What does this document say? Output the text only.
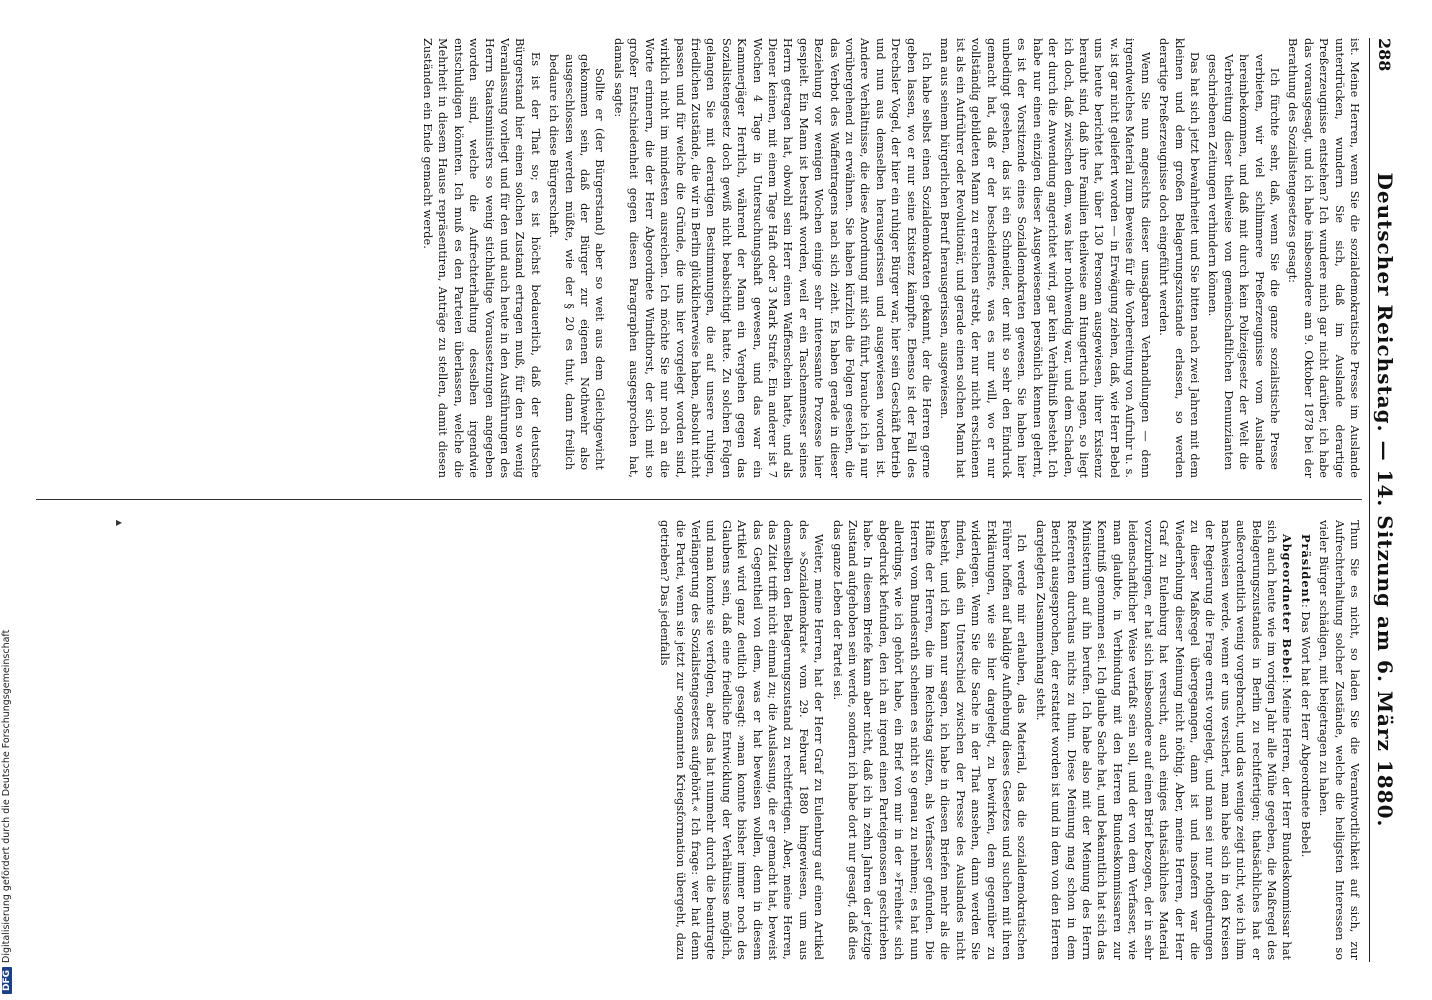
288
Deutscher Reichstag. — 14. Sitzung am 6. März 1880.

ist. Meine Herren, wenn Sie die sozialdemokratische Presse im Auslande unterdrücken, wundern Sie sich, daß im Auslande derartige Preßerzeugnisse entstehen? Ich wundere mich gar nicht darüber, ich habe das vorausgesagt, und ich habe insbesondere am 9. Oktober 1878 bei der Berathung des Sozialistengesetzes gesagt:

Ich fürchte sehr, daß, wenn Sie die ganze sozialistische Presse verbieten, wir viel schlimmere Preßerzeugnisse vom Auslande hereinbekommen, und daß mit durch kein Polizeigesetz der Welt die Verbreitung dieser theilweise von gemeinschaftlichen Denunzianten geschriebenen Zeitungen verhindern können.

Das hat sich jetzt bewahrheitet und Sie bitten nach zwei Jahren mit dem kleinen und dem großen Belagerungszustande erlassen, so werden derartige Preßerzeugnisse doch eingeführt werden.

Wenn Sie nun angesichts dieser unsagbaren Verhandlungen — denn irgendwelches Material zum Beweise für die Vorbereitung von Aufruhr u. s. w. ist gar nicht geliefert worden — in Erwägung ziehen, daß, wie Herr Bebel uns heute berichtet hat, über 130 Personen ausgewiesen, ihrer Existenz beraubt sind, daß ihre Familien theilweise am Hungertuch nagen, so liegt ich doch, daß zwischen dem, was hier nothwendig war, und dem Schaden, der durch die Anwendung angerichtet wird, gar kein Verhältniß besteht. Ich habe nur einen einzigen dieser Ausgewiesenen persönlich kennen gelernt, es ist der Vorsitzende eines Sozialdemokraten gewesen. Sie haben hier unbedingt gesehen, das ist ein Schneider, der mit so sehr den Eindruck gemacht hat, daß er der bescheidenste, was es nur will, wo er nur vollständig gebildeten Mann zu erreichen strebt, der nur nicht erschienen ist als ein Aufrührer oder Revolutionär, und gerade einen solchen Mann hat man aus seinem bürgerlichen Beruf herausgerissen, ausgewiesen.

Ich habe selbst einen Sozialdemokraten gekannt, der die Herren gerne geben lassen, wo er nur seine Existenz kämpfte. Ebenso ist der Fall des Drechsler Vogel, der hier ein ruhiger Bürger war, hier sein Geschäft betrieb und nun aus demselben herausgerissen und ausgewiesen worden ist. Andere Verhältnisse, die diese Anordnung mit sich führt, brauche ich ja nur vorübergehend zu erwähnen. Sie haben kürzlich die Folgen gesehen, die das Verbot des Waffentragens nach sich zieht. Es haben gerade in dieser Beziehung vor wenigen Wochen einige sehr interessante Prozesse hier gespielt. Ein Mann ist bestraft worden, weil er ein Taschenmesser seines Herrn getragen hat, obwohl sein Herr einen Waffenschein hatte, und als Diener keinen, mit einem Tage Haft oder 3 Mark Strafe. Ein anderer ist 7 Wochen 4 Tage in Untersuchungshaft gewesen, und das war ein Kammerjäger Herrlich, während der Mann ein Vergehen gegen das Sozialistengesetz doch gewiß nicht beabsichtigt hatte. Zu solchen Folgen gelangen Sie mit derartigen Bestimmungen, die auf unsere ruhigen, friedlichen Zustände, die wir in Berlin glücklicherweise haben, absolut nicht passen und für welche die Gründe, die uns hier vorgelegt worden sind, wirklich nicht im mindesten ausreichen. Ich möchte Sie nur noch an die Worte erinnern, die der Herr Abgeordnete Windthorst, der sich mit so großer Entschiedenheit gegen diesen Paragraphen ausgesprochen hat, damals sagte:

Sollte er (der Bürgerstand) aber so weit aus dem Gleichgewicht gekommen sein, daß der Bürger zur eigenen Nothwehr also ausgeschlossen werden müßte, wie der § 20 es thut, dann freilich bedaure ich diese Bürgerschaft.

Es ist der That so; es ist höchst bedauerlich, daß der deutsche Bürgerstand hier einen solchen Zustand ertragen muß, für den so wenig Veranlassung vorliegt und für den und auch heute in den Ausführungen des Herrn Staatsministers so wenig stichhaltige Voraussetzungen angegeben worden sind, welche die Aufrechterhaltung desselben irgendwie entschuldigen könnten. Ich muß es den Parteien überlassen, welche die Mehrheit in diesem Hause repräsentiren, Anträge zu stellen, damit diesen Zuständen ein Ende gemacht werde.

Thun Sie es nicht, so laden Sie die Verantwortlichkeit auf sich, zur Aufrechterhaltung solcher Zustände, welche die heiligsten Interessen so vieler Bürger schädigen, mit beigetragen zu haben.

Präsident: Das Wort hat der Herr Abgeordnete Bebel.

Abgeordneter Bebel: Meine Herren, der Herr Bundeskommissar hat sich auch heute wie im vorigen Jahr alle Mühe gegeben, die Maßregel des Belagerungszustandes in Berlin zu rechtfertigen; thatsächliches hat er außerordentlich wenig vorgebracht, und das wenige zeigt nicht, wie ich ihm nachweisen werde, wenn er uns versichert, man habe sich in den Kreisen der Regierung die Frage ernst vorgelegt, und man sei nur nothgedrungen zu dieser Maßregel übergegangen, dann ist und insofern war die Wiederholung dieser Meinung nicht nöthig. Aber, meine Herren, der Herr Graf zu Eulenburg hat versucht, auch einiges thatsächliches Material vorzubringen, er hat sich insbesondere auf einen Brief bezogen, der in sehr leidenschaftlicher Weise verfaßt sein soll, und der von dem Verfasser, wie man glaubte, in Verbindung mit den Herren Bundeskommissaren zur Kenntniß genommen sei. Ich glaube Sache hat, und bekanntlich hat sich das Ministerium auf ihn berufen. Ich habe also mit der Meinung des Herrn Referenten durchaus nichts zu thun. Diese Meinung mag schon in dem Bericht ausgesprochen, der erstattet worden ist und in dem von den Herren dargelegten Zusammenhang steht.

Ich werde mir erlauben, das Material, das die sozialdemokratischen Führer hoffen auf baldige Aufhebung dieses Gesetzes und suchen mit ihren Erklärungen, wie sie hier dargelegt, zu bewirken, dem gegenüber zu widerlegen. Wenn Sie die Sache in der That ansehen, dann werden Sie finden, daß ein Unterschied zwischen der Presse des Auslandes nicht besteht, und ich kann nur sagen, ich habe in diesen Briefen mehr als die Hälfte der Herren, die im Reichstag sitzen, als Verfasser gefunden. Die Herren vom Bundesrath scheinen es nicht so genau zu nehmen; es hat nun allerdings, wie ich gehört habe, ein Brief von mir in der »Freiheit« sich abgedruckt befunden, den ich an irgend einen Parteigenossen geschrieben habe. In diesem Briefe kann aber nicht, daß ich in zehn Jahren der jetzige Zustand aufgehoben sein werde, sondern ich habe dort nur gesagt, daß dies das ganze Leben der Partei sei.

Weiter, meine Herren, hat der Herr Graf zu Eulenburg auf einen Artikel des »Sozialdemokrat« vom 29. Februar 1880 hingewiesen, um aus demselben den Belagerungszustand zu rechtfertigen. Aber, meine Herren, das Zitat trifft nicht einmal zu; die Auslassung, die er gemacht hat, beweist das Gegentheil von dem, was er hat beweisen wollen, denn in diesem Artikel wird ganz deutlich gesagt: »man konnte bisher immer noch des Glaubens sein, daß eine friedliche Entwicklung der Verhältnisse möglich, und man konnte sie verfolgen, aber das hat nunmehr durch die beantragte Verlängerung des Sozialistengesetzes aufgehört.« Ich frage: wer hat denn die Partei, wenn sie jetzt zur sogenannten Kriegsformation übergeht, dazu getrieben? Das jedenfalls

▸
DFGDigitalisierung gefördert durch die Deutsche Forschungsgemeinschaft
